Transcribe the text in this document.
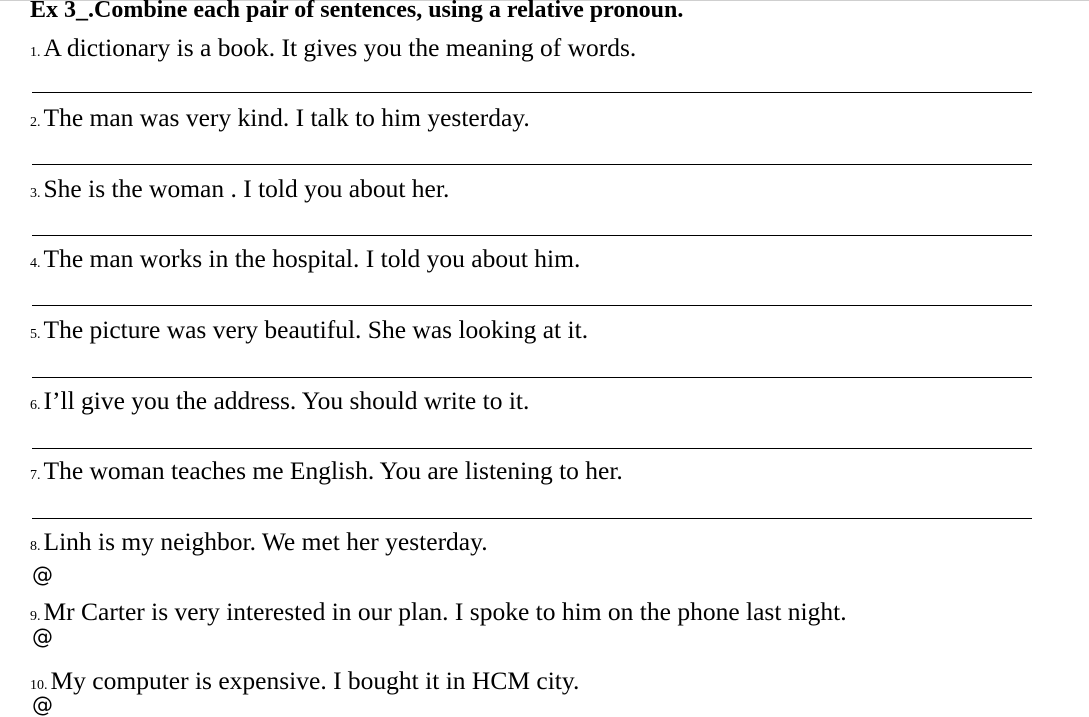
Ex 3_.Combine each pair of sentences, using a relative pronoun.
1. A dictionary is a book. It gives you the meaning of words.
2. The man was very kind. I talk to him yesterday.
3. She is the woman . I told you about her.
4. The man works in the hospital. I told you about him.
5. The picture was very beautiful. She was looking at it.
6. I’ll give you the address. You should write to it.
7. The woman teaches me English. You are listening to her.
8. Linh is my neighbor. We met her yesterday.
@
9. Mr Carter is very interested in our plan. I spoke to him on the phone last night.
@
10. My computer is expensive. I bought it in HCM city.
@
